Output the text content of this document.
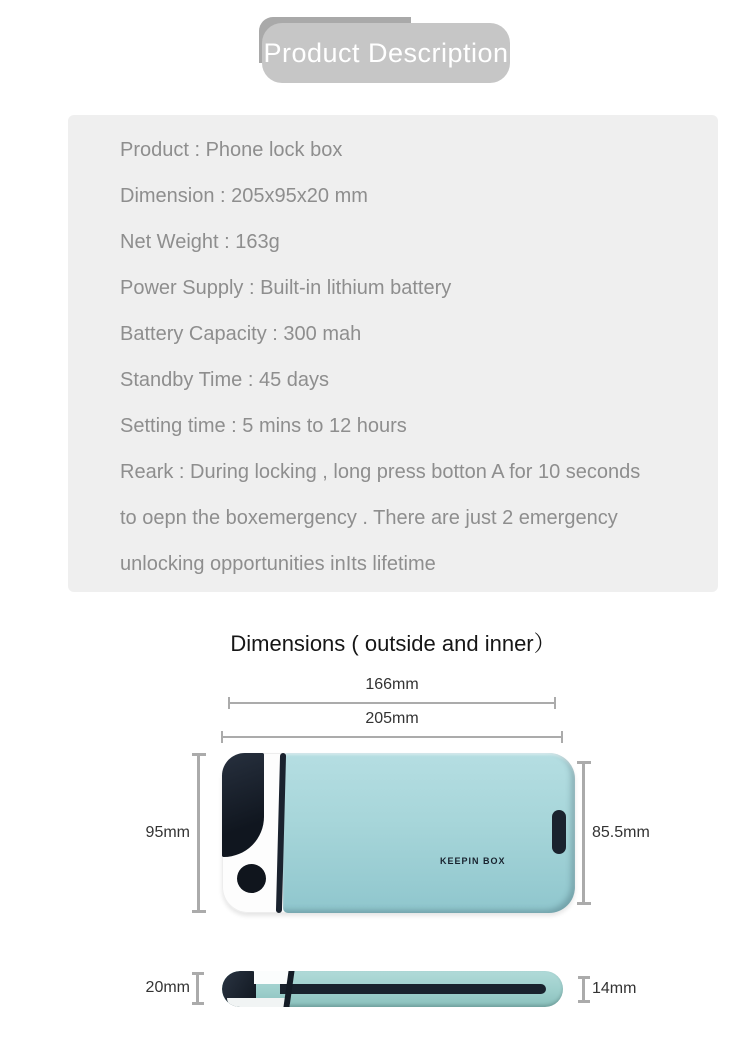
Product Description

Product : Phone lock box

Dimension : 205x95x20 mm

Net Weight : 163g

Power Supply : Built-in lithium battery

Battery Capacity : 300 mah

Standby Time : 45 days

Setting time : 5 mins to 12 hours

Reark : During locking , long press botton A for 10 seconds

to oepn the boxemergency . There are just 2 emergency

unlocking opportunities inIts lifetime

Dimensions ( outside and inner）
166mm
205mm
95mm	85.5mm
KEEPIN BOX
20mm	14mm
